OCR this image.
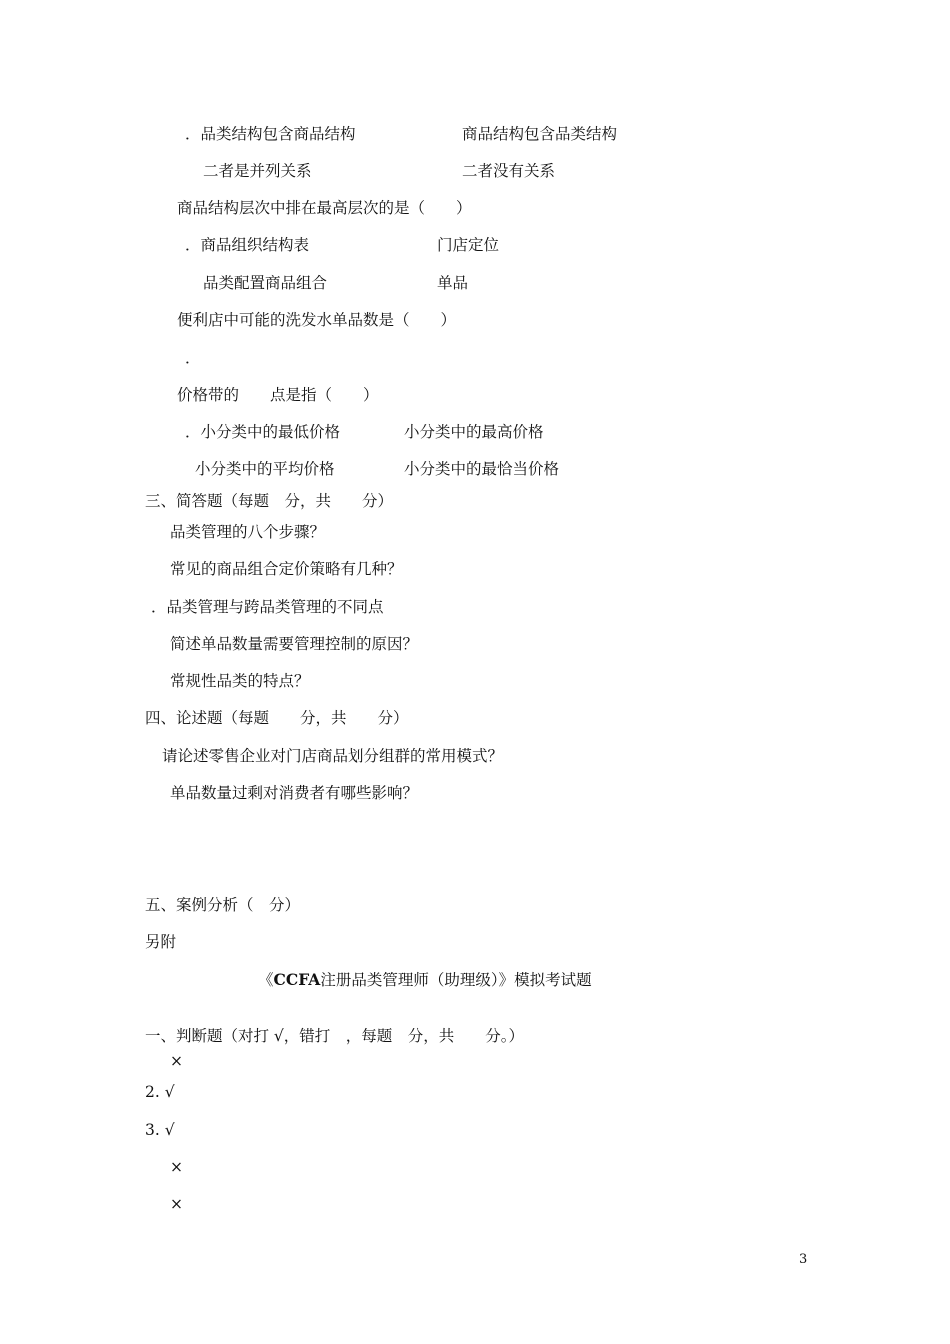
．品类结构包含商品结构	商品结构包含品类结构
二者是并列关系	二者没有关系
商品结构层次中排在最高层次的是（　　）
．商品组织结构表	门店定位
品类配置商品组合	单品
便利店中可能的洗发水单品数是（　　）
．
价格带的 点是指（　　）
．小分类中的最低价格	小分类中的最高价格
小分类中的平均价格	小分类中的最恰当价格
三、简答题（每题　分，共　　分）
品类管理的八个步骤？
常见的商品组合定价策略有几种？
．品类管理与跨品类管理的不同点
简述单品数量需要管理控制的原因？
常规性品类的特点？
四、论述题（每题　　分，共　　分）
请论述零售企业对门店商品划分组群的常用模式？
单品数量过剩对消费者有哪些影响？
五、案例分析（　分）
另附
《CCFA注册品类管理师（助理级）》模拟考试题
一、判断题（对打 √，错打　，每题　分，共　　分。）
×
2. √
3. √
×
×
3
